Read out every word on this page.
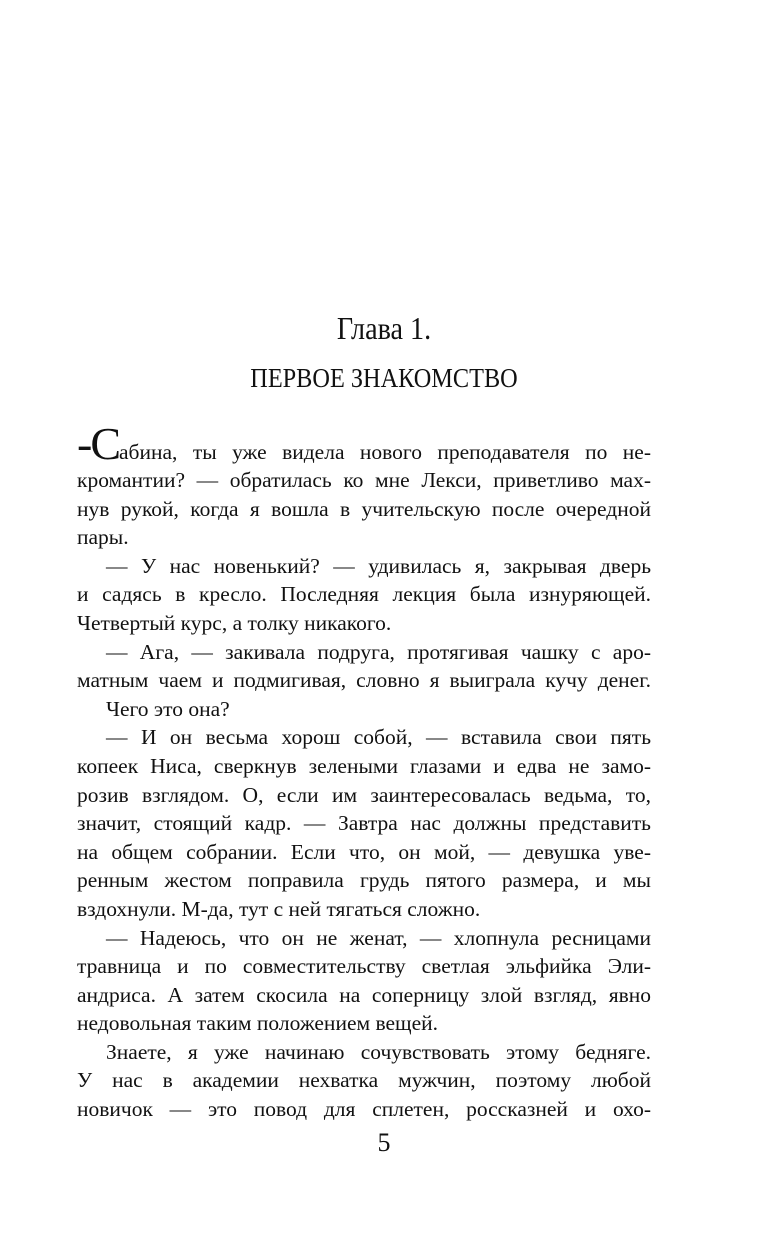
Глава 1.
ПЕРВОЕ ЗНАКОМСТВО
-Сабина, ты уже видела нового преподавателя по не-
кромантии? — обратилась ко мне Лекси, приветливо мах-
нув рукой, когда я вошла в учительскую после очередной
пары.
— У нас новенький? — удивилась я, закрывая дверь
и садясь в кресло. Последняя лекция была изнуряющей.
Четвертый курс, а толку никакого.
— Ага, — закивала подруга, протягивая чашку с аро-
матным чаем и подмигивая, словно я выиграла кучу денег.
Чего это она?
— И он весьма хорош собой, — вставила свои пять
копеек Ниса, сверкнув зелеными глазами и едва не замо-
розив взглядом. О, если им заинтересовалась ведьма, то,
значит, стоящий кадр. — Завтра нас должны представить
на общем собрании. Если что, он мой, — девушка уве-
ренным жестом поправила грудь пятого размера, и мы
вздохнули. М-да, тут с ней тягаться сложно.
— Надеюсь, что он не женат, — хлопнула ресницами
травница и по совместительству светлая эльфийка Эли-
андриса. А затем скосила на соперницу злой взгляд, явно
недовольная таким положением вещей.
Знаете, я уже начинаю сочувствовать этому бедняге.
У нас в академии нехватка мужчин, поэтому любой
новичок — это повод для сплетен, россказней и охо-
5
